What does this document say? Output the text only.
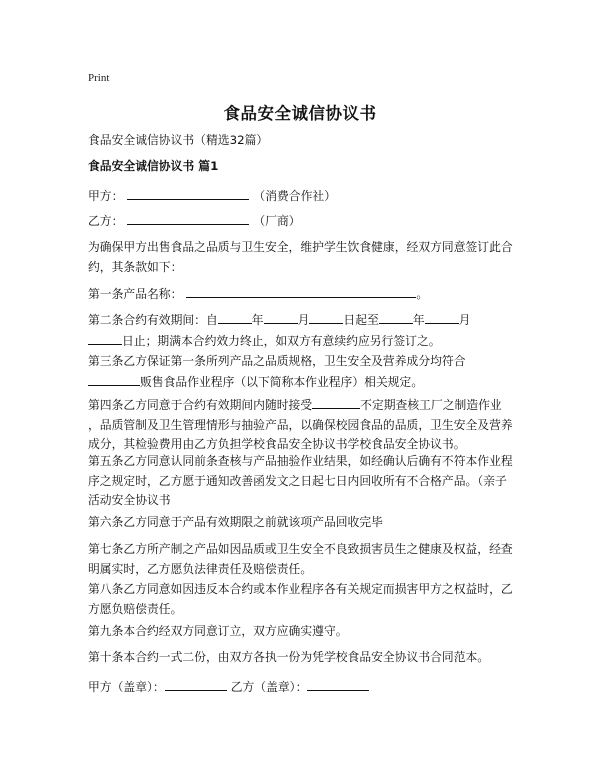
Print
食品安全诚信协议书
食品安全诚信协议书（精选32篇）
食品安全诚信协议书 篇1
甲方：	（消费合作社）
乙方：	（厂商）
为确保甲方出售食品之品质与卫生安全，维护学生饮食健康，经双方同意签订此合
约，其条款如下：
第一条产品名称：	。
第二条合约有效期间：自	年	月	日起至	年	月
日止；期满本合约效力终止，如双方有意续约应另行签订之。
第三条乙方保证第一条所列产品之品质规格，卫生安全及营养成分均符合
贩售食品作业程序（以下简称本作业程序）相关规定。
第四条乙方同意于合约有效期间内随时接受	不定期查核工厂之制造作业
，品质管制及卫生管理情形与抽验产品，以确保校园食品的品质，卫生安全及营养
成分，其检验费用由乙方负担学校食品安全协议书学校食品安全协议书。
第五条乙方同意认同前条查核与产品抽验作业结果，如经确认后确有不符本作业程
序之规定时，乙方愿于通知改善函发文之日起七日内回收所有不合格产品。（亲子
活动安全协议书
第六条乙方同意于产品有效期限之前就该项产品回收完毕
第七条乙方所产制之产品如因品质或卫生安全不良致损害员生之健康及权益，经查
明属实时，乙方愿负法律责任及赔偿责任。
第八条乙方同意如因违反本合约或本作业程序各有关规定而损害甲方之权益时，乙
方愿负赔偿责任。
第九条本合约经双方同意订立，双方应确实遵守。
第十条本合约一式二份，由双方各执一份为凭学校食品安全协议书合同范本。
甲方（盖章）：	乙方（盖章）：
